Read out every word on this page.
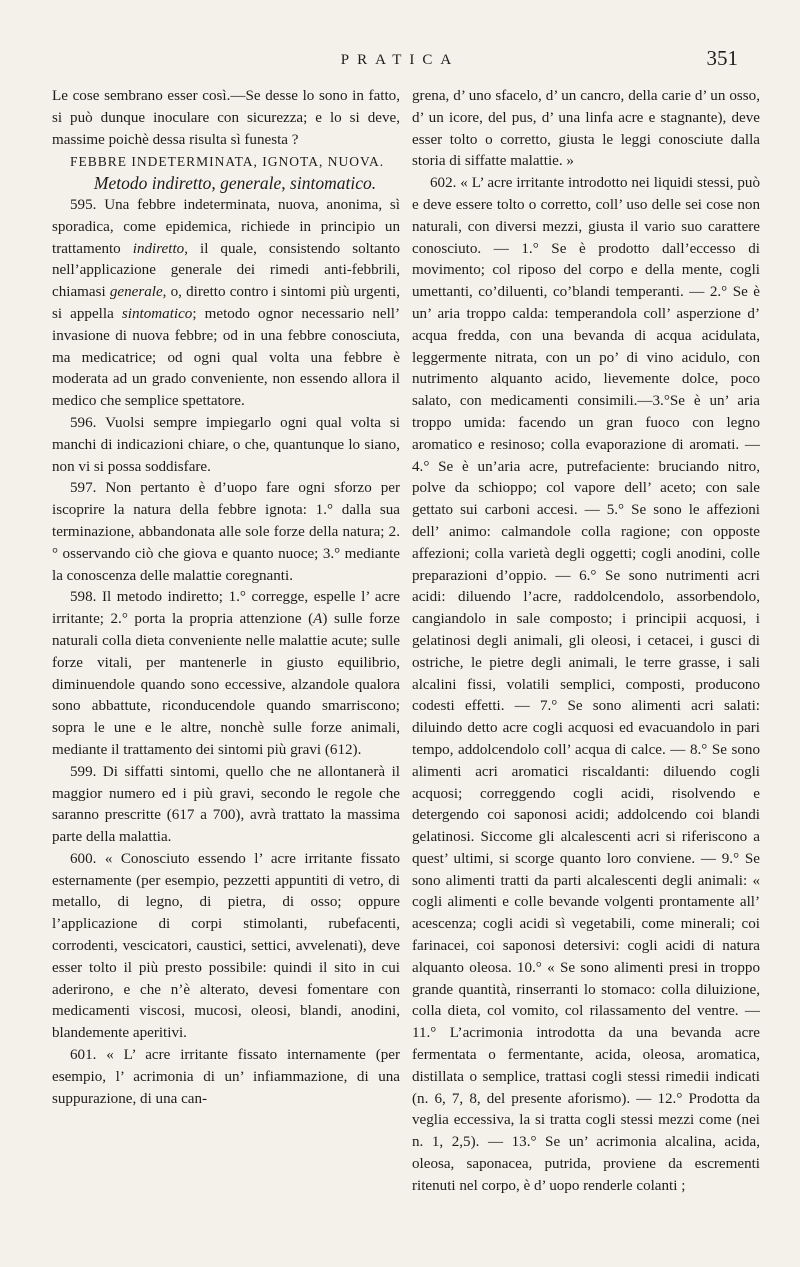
PRATICA	351

Le cose sembrano esser così.—Se desse lo sono in fatto, si può dunque inoculare con sicurezza; e lo si deve, massime poichè dessa risulta sì funesta ?

FEBBRE INDETERMINATA, IGNOTA, NUOVA.

Metodo indiretto, generale, sintomatico.

595. Una febbre indeterminata, nuova, anonima, sì sporadica, come epidemica, richiede in principio un trattamento indiretto, il quale, consistendo soltanto nell’applicazione generale dei rimedi anti-febbrili, chiamasi generale, o, diretto contro i sintomi più urgenti, si appella sintomatico; metodo ognor necessario nell’ invasione di nuova febbre; od in una febbre conosciuta, ma medicatrice; od ogni qual volta una febbre è moderata ad un grado conveniente, non essendo allora il medico che semplice spettatore.

596. Vuolsi sempre impiegarlo ogni qual volta si manchi di indicazioni chiare, o che, quantunque lo siano, non vi si possa soddisfare.

597. Non pertanto è d’uopo fare ogni sforzo per iscoprire la natura della febbre ignota: 1.° dalla sua terminazione, abbandonata alle sole forze della natura; 2.° osservando ciò che giova e quanto nuoce; 3.° mediante la conoscenza delle malattie coregnanti.

598. Il metodo indiretto; 1.° corregge, espelle l’ acre irritante; 2.° porta la propria attenzione (A) sulle forze naturali colla dieta conveniente nelle malattie acute; sulle forze vitali, per mantenerle in giusto equilibrio, diminuendole quando sono eccessive, alzandole qualora sono abbattute, riconducendole quando smarriscono; sopra le une e le altre, nonchè sulle forze animali, mediante il trattamento dei sintomi più gravi (612).

599. Di siffatti sintomi, quello che ne allontanerà il maggior numero ed i più gravi, secondo le regole che saranno prescritte (617 a 700), avrà trattato la massima parte della malattia.

600. « Conosciuto essendo l’ acre irritante fissato esternamente (per esempio, pezzetti appuntiti di vetro, di metallo, di legno, di pietra, di osso; oppure l’applicazione di corpi stimolanti, rubefacenti, corrodenti, vescicatori, caustici, settici, avvelenati), deve esser tolto il più presto possibile: quindi il sito in cui aderirono, e che n’è alterato, devesi fomentare con medicamenti viscosi, mucosi, oleosi, blandi, anodini, blandemente aperitivi.

601. « L’ acre irritante fissato internamente (per esempio, l’ acrimonia di un’ infiammazione, di una suppurazione, di una can-

grena, d’ uno sfacelo, d’ un cancro, della carie d’ un osso, d’ un icore, del pus, d’ una linfa acre e stagnante), deve esser tolto o corretto, giusta le leggi conosciute dalla storia di siffatte malattie. »

602. « L’ acre irritante introdotto nei liquidi stessi, può e deve essere tolto o corretto, coll’ uso delle sei cose non naturali, con diversi mezzi, giusta il vario suo carattere conosciuto. — 1.° Se è prodotto dall’eccesso di movimento; col riposo del corpo e della mente, cogli umettanti, co’diluenti, co’blandi temperanti. — 2.° Se è un’ aria troppo calda: temperandola coll’ asperzione d’ acqua fredda, con una bevanda di acqua acidulata, leggermente nitrata, con un po’ di vino acidulo, con nutrimento alquanto acido, lievemente dolce, poco salato, con medicamenti consimili.—3.°Se è un’ aria troppo umida: facendo un gran fuoco con legno aromatico e resinoso; colla evaporazione di aromati. — 4.° Se è un’aria acre, putrefaciente: bruciando nitro, polve da schioppo; col vapore dell’ aceto; con sale gettato sui carboni accesi. — 5.° Se sono le affezioni dell’ animo: calmandole colla ragione; con opposte affezioni; colla varietà degli oggetti; cogli anodini, colle preparazioni d’oppio. — 6.° Se sono nutrimenti acri acidi: diluendo l’acre, raddolcendolo, assorbendolo, cangiandolo in sale composto; i principii acquosi, i gelatinosi degli animali, gli oleosi, i cetacei, i gusci di ostriche, le pietre degli animali, le terre grasse, i sali alcalini fissi, volatili semplici, composti, producono codesti effetti. — 7.° Se sono alimenti acri salati: diluindo detto acre cogli acquosi ed evacuandolo in pari tempo, addolcendolo coll’ acqua di calce. — 8.° Se sono alimenti acri aromatici riscaldanti: diluendo cogli acquosi; correggendo cogli acidi, risolvendo e detergendo coi saponosi acidi; addolcendo coi blandi gelatinosi. Siccome gli alcalescenti acri si riferiscono a quest’ ultimi, si scorge quanto loro conviene. — 9.° Se sono alimenti tratti da parti alcalescenti degli animali: « cogli alimenti e colle bevande volgenti prontamente all’ acescenza; cogli acidi sì vegetabili, come minerali; coi farinacei, coi saponosi detersivi: cogli acidi di natura alquanto oleosa. 10.° « Se sono alimenti presi in troppo grande quantità, rinserranti lo stomaco: colla diluizione, colla dieta, col vomito, col rilassamento del ventre. — 11.° L’acrimonia introdotta da una bevanda acre fermentata o fermentante, acida, oleosa, aromatica, distillata o semplice, trattasi cogli stessi rimedii indicati (n. 6, 7, 8, del presente aforismo). — 12.° Prodotta da veglia eccessiva, la si tratta cogli stessi mezzi come (nei n. 1, 2,5). — 13.° Se un’ acrimonia alcalina, acida, oleosa, saponacea, putrida, proviene da escrementi ritenuti nel corpo, è d’ uopo renderle colanti ;
